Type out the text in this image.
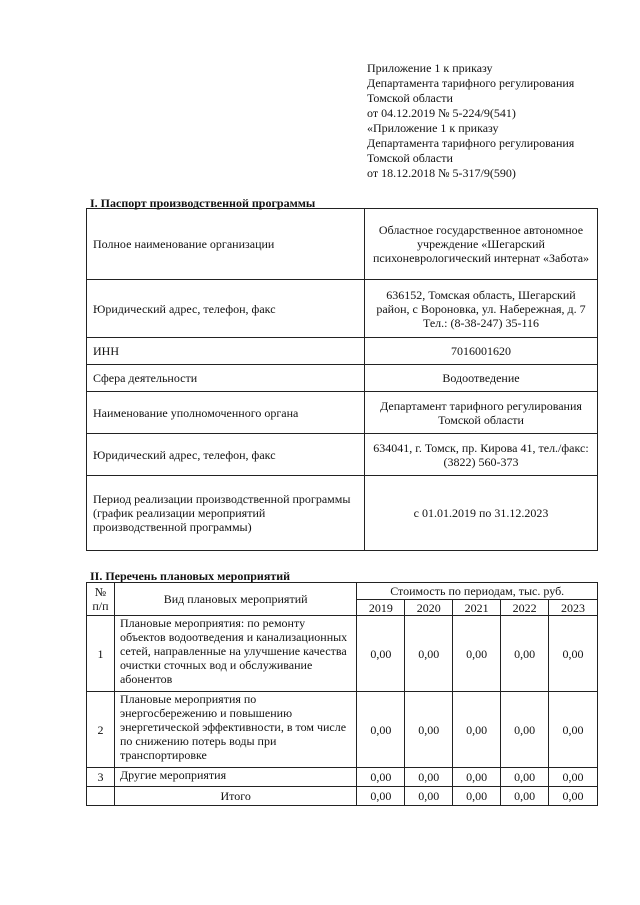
Приложение 1 к приказу
Департамента тарифного регулирования
Томской области
от 04.12.2019 № 5-224/9(541)
«Приложение 1 к приказу
Департамента тарифного регулирования
Томской области
от 18.12.2018 № 5-317/9(590)
I. Паспорт производственной программы
Полное наименование организации	Областное государственное автономное учреждение «Шегарский психоневрологический интернат «Забота»
Юридический адрес, телефон, факс	636152, Томская область, Шегарский район, с Вороновка, ул. Набережная, д. 7 Тел.: (8-38-247) 35-116
ИНН	7016001620
Сфера деятельности	Водоотведение
Наименование уполномоченного органа	Департамент тарифного регулирования Томской области
Юридический адрес, телефон, факс	634041, г. Томск, пр. Кирова 41, тел./факс: (3822) 560-373
Период реализации производственной программы (график реализации мероприятий производственной программы)	с 01.01.2019 по 31.12.2023
II. Перечень плановых мероприятий
№ п/п	Вид плановых мероприятий	Стоимость по периодам, тыс. руб.				
		2019	2020	2021	2022	2023
1	Плановые мероприятия: по ремонту объектов водоотведения и канализационных сетей, направленные на улучшение качества очистки сточных вод и обслуживание абонентов	0,00	0,00	0,00	0,00	0,00
2	Плановые мероприятия по энергосбережению и повышению энергетической эффективности, в том числе по снижению потерь воды при транспортировке	0,00	0,00	0,00	0,00	0,00
3	Другие мероприятия	0,00	0,00	0,00	0,00	0,00
	Итого	0,00	0,00	0,00	0,00	0,00
